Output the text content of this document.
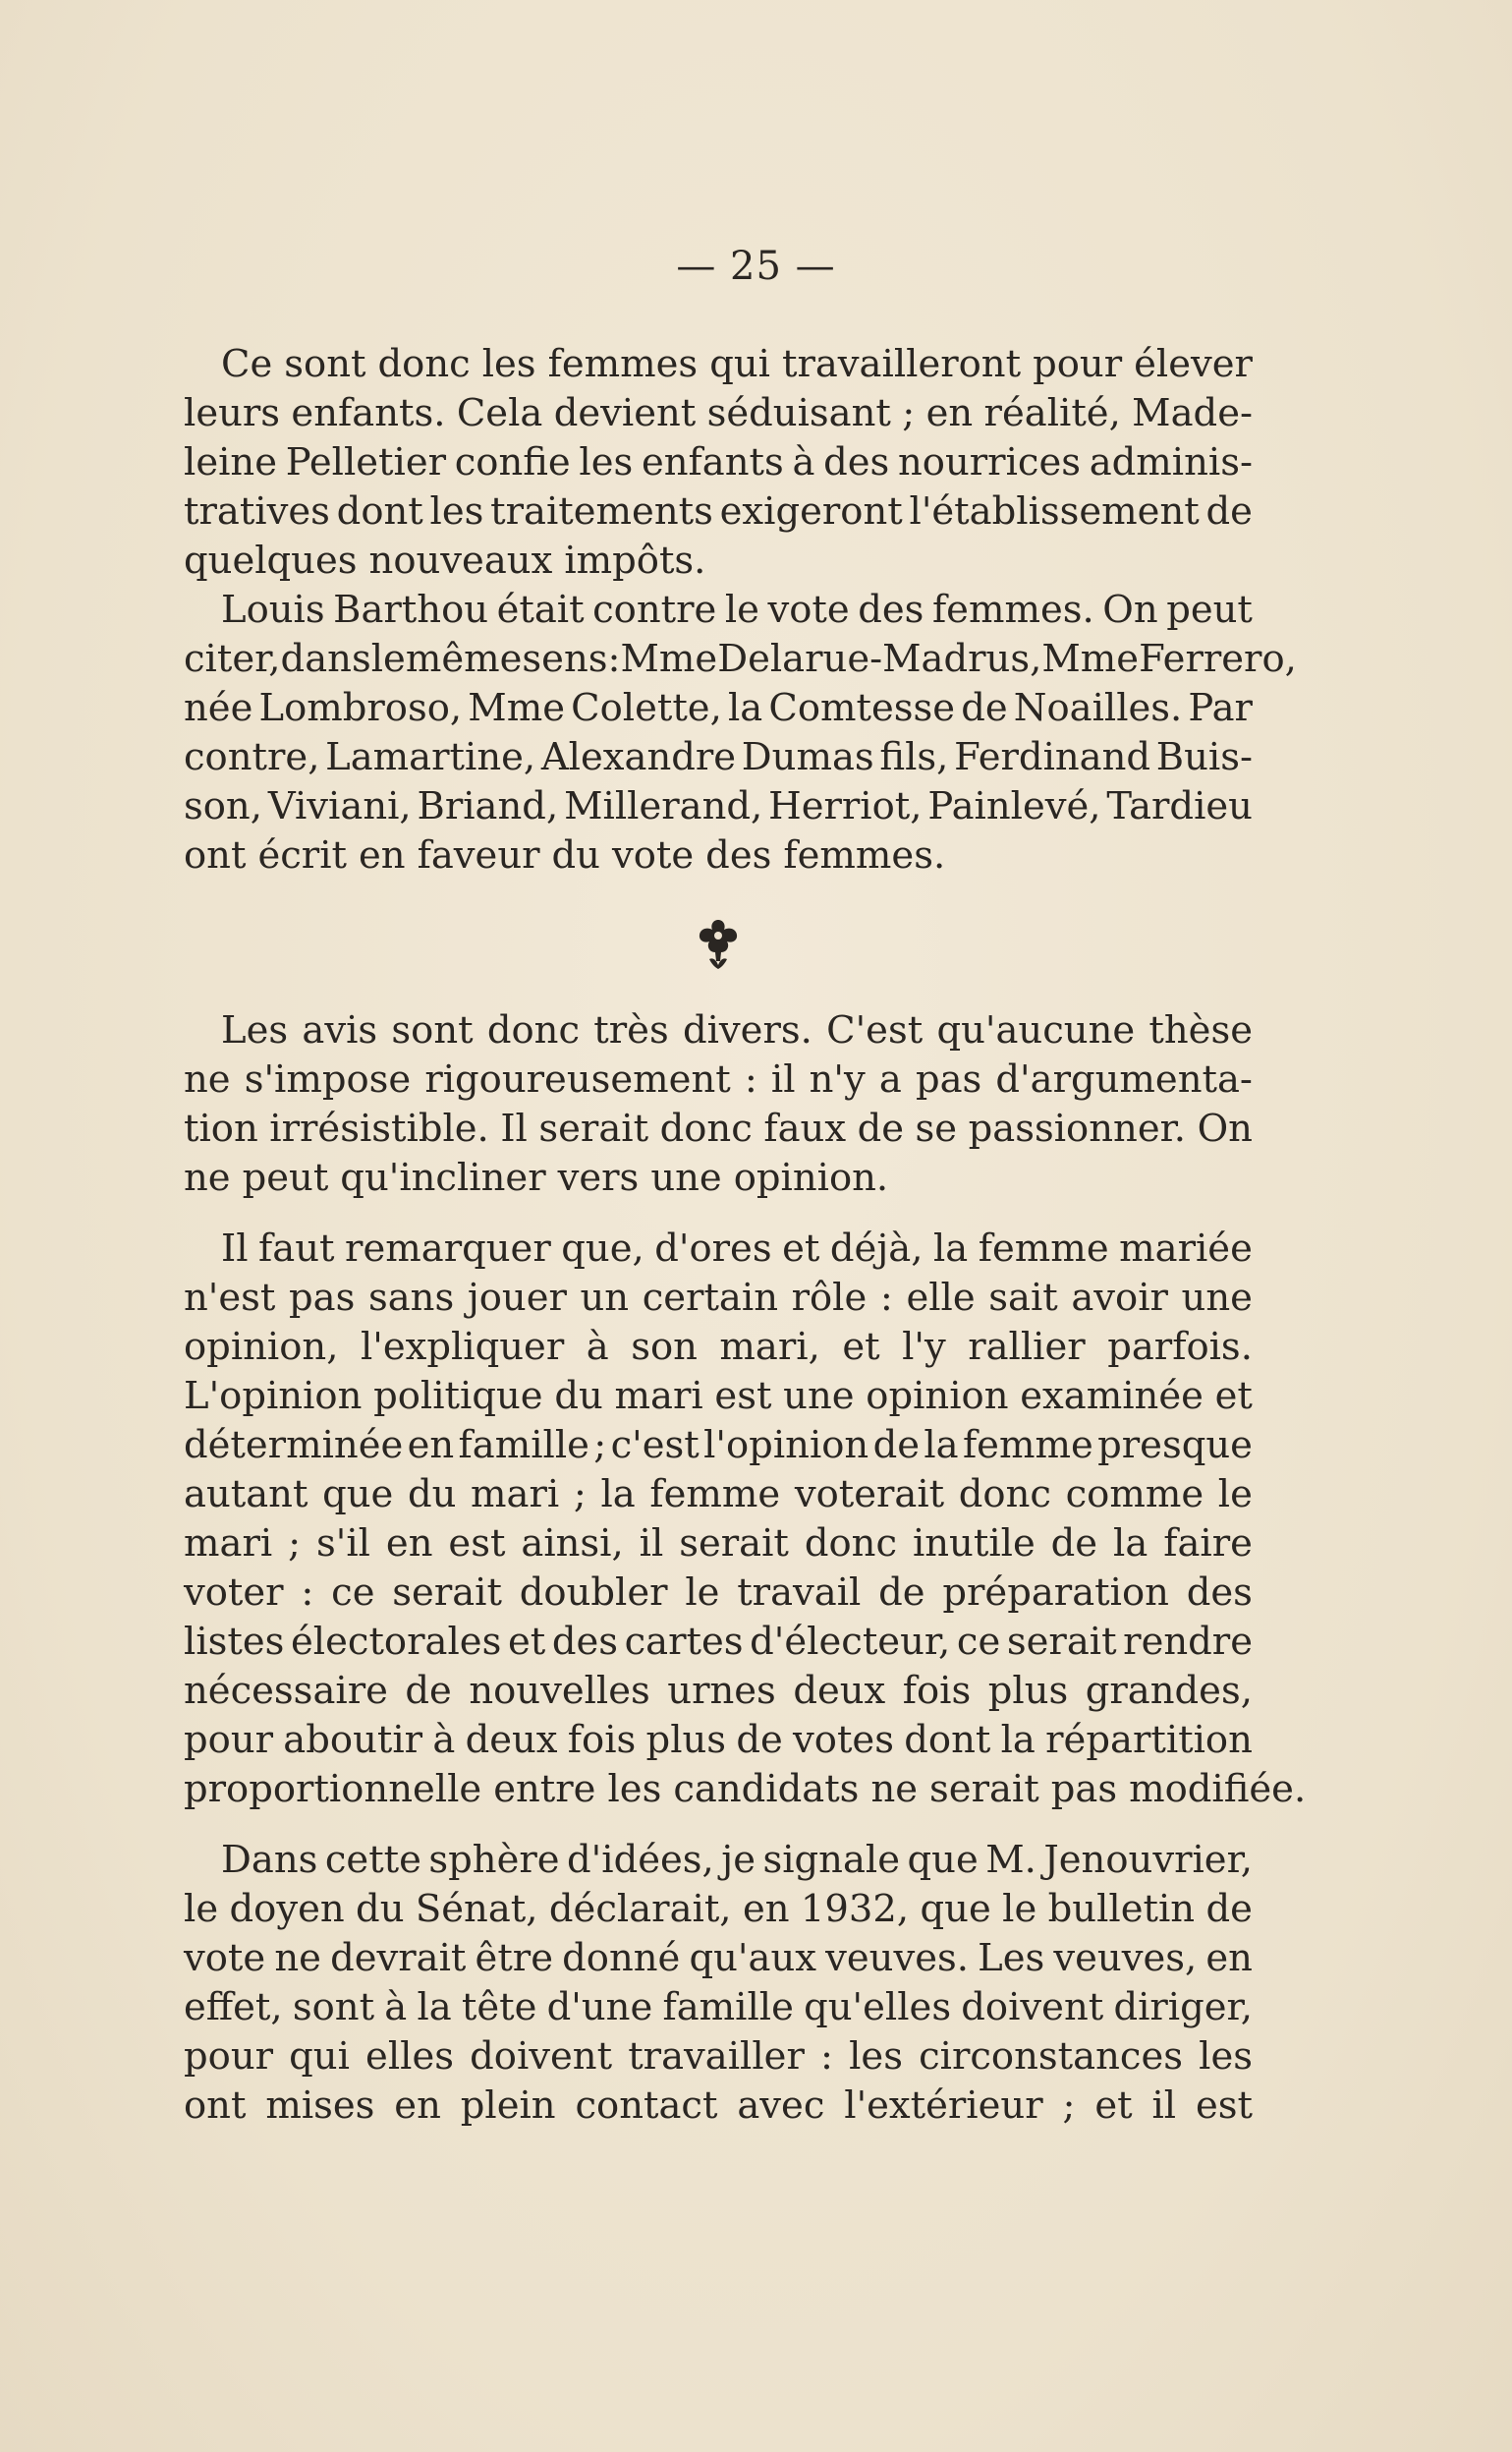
— 25 —
Ce sont donc les femmes qui travailleront pour élever
leurs enfants. Cela devient séduisant ; en réalité, Made-
leine Pelletier confie les enfants à des nourrices adminis-
tratives dont les traitements exigeront l'établissement de
quelques nouveaux impôts.
Louis Barthou était contre le vote des femmes. On peut
citer, dans le même sens : Mme Delarue-Madrus, Mme Ferrero,
née Lombroso, Mme Colette, la Comtesse de Noailles. Par
contre, Lamartine, Alexandre Dumas fils, Ferdinand Buis-
son, Viviani, Briand, Millerand, Herriot, Painlevé, Tardieu
ont écrit en faveur du vote des femmes.
Les avis sont donc très divers. C'est qu'aucune thèse
ne s'impose rigoureusement : il n'y a pas d'argumenta-
tion irrésistible. Il serait donc faux de se passionner. On
ne peut qu'incliner vers une opinion.
Il faut remarquer que, d'ores et déjà, la femme mariée
n'est pas sans jouer un certain rôle : elle sait avoir une
opinion, l'expliquer à son mari, et l'y rallier parfois.
L'opinion politique du mari est une opinion examinée et
déterminée en famille ; c'est l'opinion de la femme presque
autant que du mari ; la femme voterait donc comme le
mari ; s'il en est ainsi, il serait donc inutile de la faire
voter : ce serait doubler le travail de préparation des
listes électorales et des cartes d'électeur, ce serait rendre
nécessaire de nouvelles urnes deux fois plus grandes,
pour aboutir à deux fois plus de votes dont la répartition
proportionnelle entre les candidats ne serait pas modifiée.
Dans cette sphère d'idées, je signale que M. Jenouvrier,
le doyen du Sénat, déclarait, en 1932, que le bulletin de
vote ne devrait être donné qu'aux veuves. Les veuves, en
effet, sont à la tête d'une famille qu'elles doivent diriger,
pour qui elles doivent travailler : les circonstances les
ont mises en plein contact avec l'extérieur ; et il est
